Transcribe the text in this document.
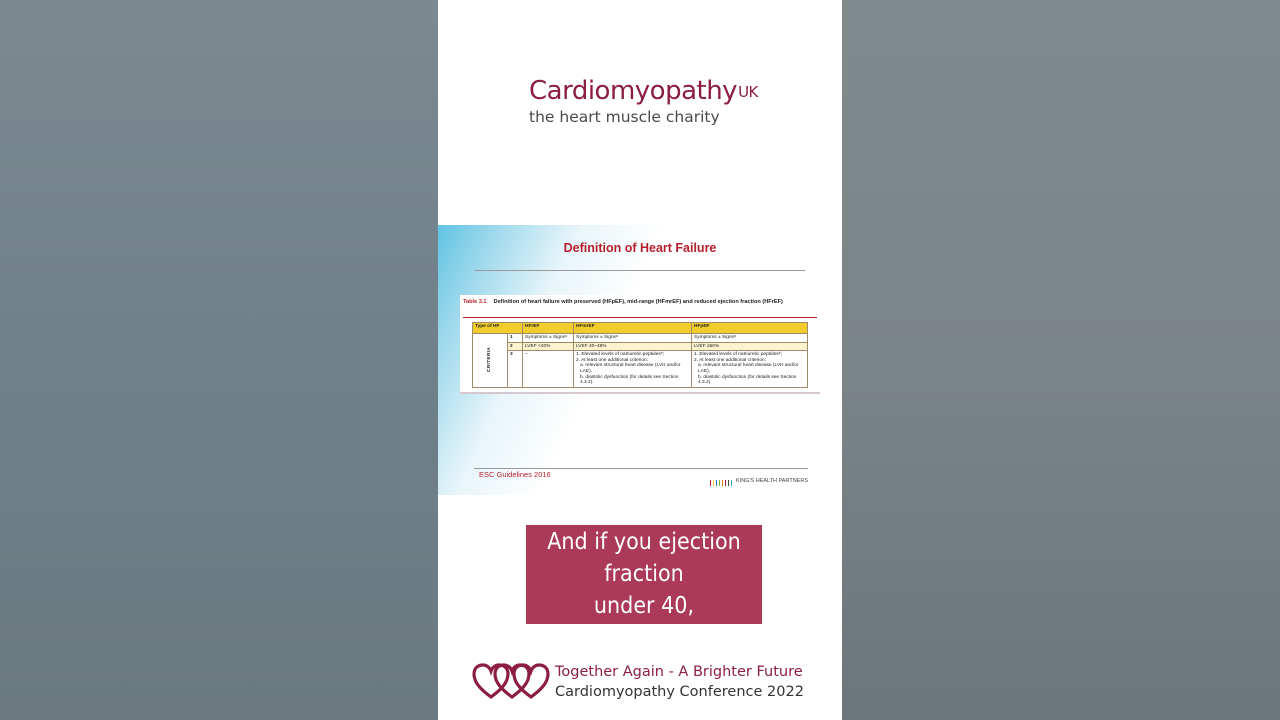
Cardiomyopathy$^{UK}$
the heart muscle charity
Definition of Heart Failure
Table 3.1 Definition of heart failure with preserved (HFpEF), mid-range (HFmrEF) and reduced ejection fraction (HFrEF)
Type of HF		HFrEF	HFmrEF	HFpEF
CRITERIA	1	Symptoms ± Signsᵃ	Symptoms ± Signsᵃ	Symptoms ± Signsᵃ
	2	LVEF <40%	LVEF 40–49%	LVEF ≥50%
	3	–	1. Elevated levels of natriuretic peptidesᵇ;
2. At least one additional criterion:
a. relevant structural heart disease (LVH and/or LAE),
b. diastolic dysfunction (for details see Section 4.3.2).	1. Elevated levels of natriuretic peptidesᵇ;
2. At least one additional criterion:
a. relevant structural heart disease (LVH and/or LAE),
b. diastolic dysfunction (for details see Section 4.3.2).
ESC Guidelines 2016
KING'S HEALTH PARTNERS
And if you ejection
fraction
under 40,
Together Again - A Brighter Future
Cardiomyopathy Conference 2022
